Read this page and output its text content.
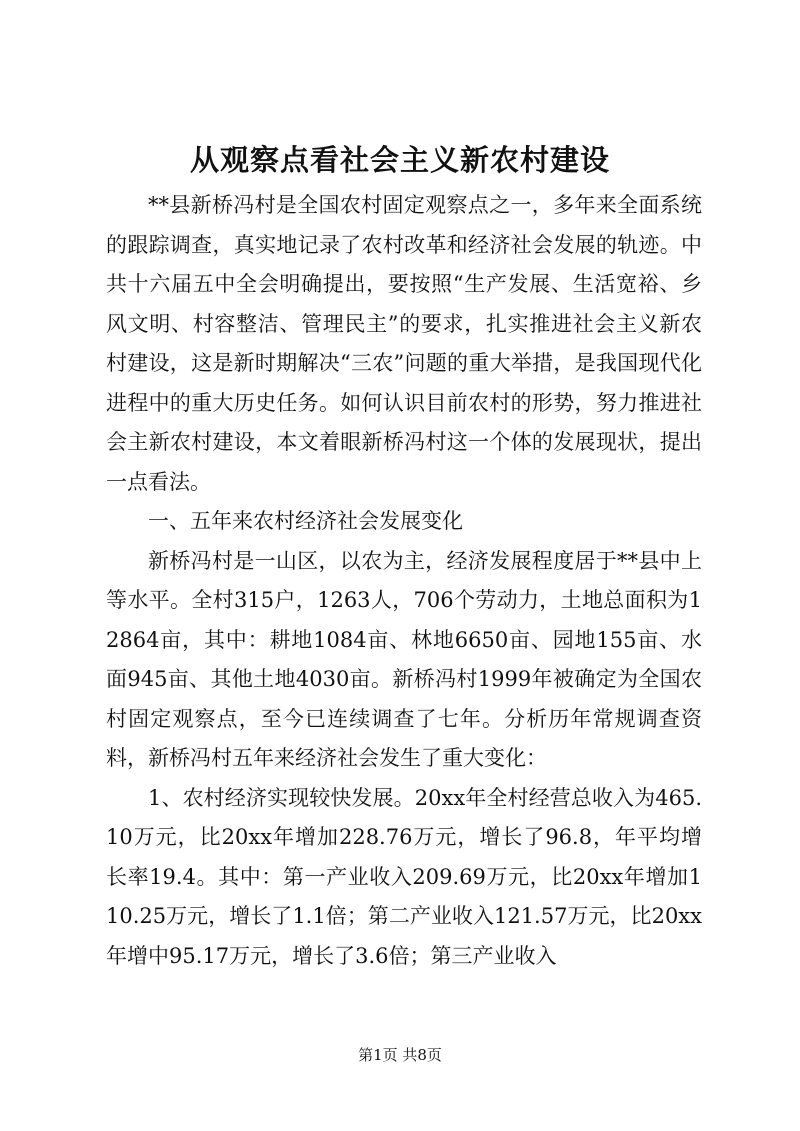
从观察点看社会主义新农村建设

**县新桥冯村是全国农村固定观察点之一，多年来全面系统的跟踪调查，真实地记录了农村改革和经济社会发展的轨迹。中共十六届五中全会明确提出，要按照“生产发展、生活宽裕、乡风文明、村容整洁、管理民主”的要求，扎实推进社会主义新农村建设，这是新时期解决“三农”问题的重大举措，是我国现代化进程中的重大历史任务。如何认识目前农村的形势，努力推进社会主新农村建设，本文着眼新桥冯村这一个体的发展现状，提出一点看法。

一、五年来农村经济社会发展变化

新桥冯村是一山区，以农为主，经济发展程度居于**县中上等水平。全村315户，1263人，706个劳动力，土地总面积为12864亩，其中：耕地1084亩、林地6650亩、园地155亩、水面945亩、其他土地4030亩。新桥冯村1999年被确定为全国农村固定观察点，至今已连续调查了七年。分析历年常规调查资料，新桥冯村五年来经济社会发生了重大变化：

1、农村经济实现较快发展。20xx年全村经营总收入为465.10万元，比20xx年增加228.76万元，增长了96.8，年平均增长率19.4。其中：第一产业收入209.69万元，比20xx年增加110.25万元，增长了1.1倍；第二产业收入121.57万元，比20xx年增中95.17万元，增长了3.6倍；第三产业收入

第1页 共8页
